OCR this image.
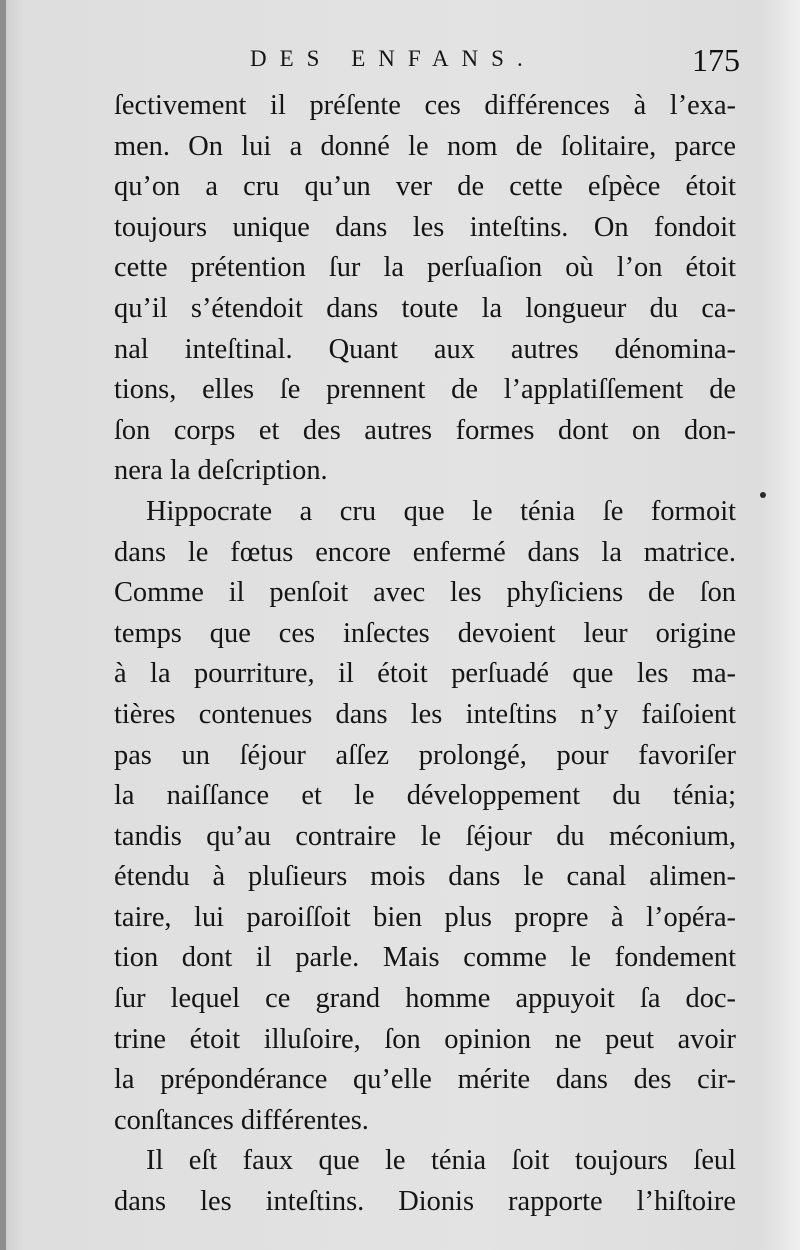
DES ENFANS.	175
ſectivement il préſente ces différences à l’exa-
men. On lui a donné le nom de ſolitaire, parce
qu’on a cru qu’un ver de cette eſpèce étoit
toujours unique dans les inteſtins. On fondoit
cette prétention ſur la perſuaſion où l’on étoit
qu’il s’étendoit dans toute la longueur du ca-
nal inteſtinal. Quant aux autres dénomina-
tions, elles ſe prennent de l’applatiſſement de
ſon corps et des autres formes dont on don-
nera la deſcription.
Hippocrate a cru que le ténia ſe formoit
dans le fœtus encore enfermé dans la matrice.
Comme il penſoit avec les phyſiciens de ſon
temps que ces inſectes devoient leur origine
à la pourriture, il étoit perſuadé que les ma-
tières contenues dans les inteſtins n’y faiſoient
pas un ſéjour aſſez prolongé, pour favoriſer
la naiſſance et le développement du ténia;
tandis qu’au contraire le ſéjour du méconium,
étendu à pluſieurs mois dans le canal alimen-
taire, lui paroiſſoit bien plus propre à l’opéra-
tion dont il parle. Mais comme le fondement
ſur lequel ce grand homme appuyoit ſa doc-
trine étoit illuſoire, ſon opinion ne peut avoir
la prépondérance qu’elle mérite dans des cir-
conſtances différentes.
Il eſt faux que le ténia ſoit toujours ſeul
dans les inteſtins. Dionis rapporte l’hiſtoire
